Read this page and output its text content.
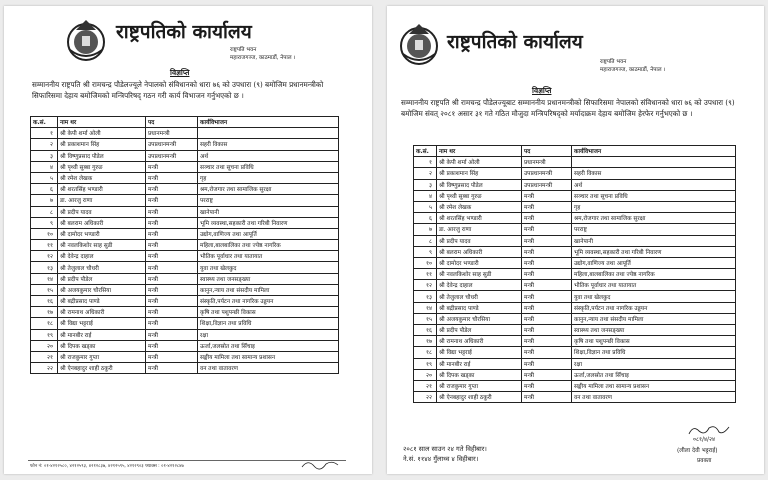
राष्ट्रपतिको कार्यालय
राष्ट्रपति भवन
महाराजगञ्ज, काठमाडौं, नेपाल ।
विज्ञप्ति
सम्माननीय राष्ट्रपति श्री रामचन्द्र पौडेलज्यूले नेपालको संविधानको धारा ७६ को उपधारा (९) बमोजिम प्रधानमन्त्रीको सिफारिसमा देहाय बमोजिमको मन्त्रिपरिषद् गठन गरी कार्य विभाजन गर्नुभएको छ ।
क.सं.	नाम थर	पद	कार्यविभाजन
१	श्री केपी शर्मा ओली	प्रधानमन्त्री	
२	श्री प्रकाशमान सिंह	उपप्रधानमन्त्री	सहरी विकास
३	श्री विष्णुप्रसाद पौडेल	उपप्रधानमन्त्री	अर्थ
४	श्री पृथ्वी सुब्बा गुरुङ	मन्त्री	सञ्चार तथा सूचना प्रविधि
५	श्री रमेश लेखक	मन्त्री	गृह
६	श्री शरतसिंह भण्डारी	मन्त्री	श्रम,रोजगार तथा सामाजिक सुरक्षा
७	डा. आरजु राणा	मन्त्री	परराष्ट्र
८	श्री प्रदीप यादव	मन्त्री	खानेपानी
९	श्री बलराम अधिकारी	मन्त्री	भूमि व्यवस्था,सहकारी तथा गरिबी निवारण
१०	श्री दामोदर भण्डारी	मन्त्री	उद्योग,वाणिज्य तथा आपूर्ति
११	श्री नवलकिशोर साह सुडी	मन्त्री	महिला,बालबालिका तथा ज्येष्ठ नागरिक
१२	श्री देवेन्द्र दाहाल	मन्त्री	भौतिक पूर्वाधार तथा यातायात
१३	श्री तेजुलाल चौधरी	मन्त्री	युवा तथा खेलकुद
१४	श्री प्रदीप पौडेल	मन्त्री	स्वास्थ्य तथा जनसङ्ख्या
१५	श्री अजयकुमार चौरसिया	मन्त्री	कानुन,न्याय तथा संसदीय मामिला
१६	श्री बद्रीप्रसाद पाण्डे	मन्त्री	संस्कृति,पर्यटन तथा नागरिक उड्डयन
१७	श्री रामनाथ अधिकारी	मन्त्री	कृषि तथा पशुपन्छी विकास
१८	श्री विद्या भट्टराई	मन्त्री	शिक्षा,विज्ञान तथा प्रविधि
१९	श्री मानबीर राई	मन्त्री	रक्षा
२०	श्री दिपक खड्का	मन्त्री	ऊर्जा,जलस्रोत तथा सिँचाइ
२१	श्री राजकुमार गुप्ता	मन्त्री	सङ्घीय मामिला तथा सामान्य प्रशासन
२२	श्री ऐनबहादुर शाही ठकुरी	मन्त्री	वन तथा वातावरण
फोन नं: ०१-४२१२५८०, ४२१२५९३, ४२१२८३७, ४२१२५९५, ४२१२९०३ फ्याक्स : ०१-४२१२८४७
राष्ट्रपतिको कार्यालय
राष्ट्रपति भवन
महाराजगञ्ज, काठमाडौं, नेपाल ।
विज्ञप्ति
सम्माननीय राष्ट्रपति श्री रामचन्द्र पौडेलज्यूबाट सम्माननीय प्रधानमन्त्रीको सिफारिसमा नेपालको संविधानको धारा ७६ को उपधारा (९) बमोजिम संवत् २०८१ असार ३१ गते गठित मौजुदा मन्त्रिपरिषद्को मर्यादाक्रम देहाय बमोजिम हेरफेर गर्नुभएको छ ।
क.सं.	नाम थर	पद	कार्यविभाजन
१	श्री केपी शर्मा ओली	प्रधानमन्त्री	
२	श्री प्रकाशमान सिंह	उपप्रधानमन्त्री	सहरी विकास
३	श्री विष्णुप्रसाद पौडेल	उपप्रधानमन्त्री	अर्थ
४	श्री पृथ्वी सुब्बा गुरुङ	मन्त्री	सञ्चार तथा सूचना प्रविधि
५	श्री रमेश लेखक	मन्त्री	गृह
६	श्री शरतसिंह भण्डारी	मन्त्री	श्रम,रोजगार तथा सामाजिक सुरक्षा
७	डा. आरजु राणा	मन्त्री	परराष्ट्र
८	श्री प्रदीप यादव	मन्त्री	खानेपानी
९	श्री बलराम अधिकारी	मन्त्री	भूमि व्यवस्था,सहकारी तथा गरिबी निवारण
१०	श्री दामोदर भण्डारी	मन्त्री	उद्योग,वाणिज्य तथा आपूर्ति
११	श्री नवलकिशोर साह सुडी	मन्त्री	महिला,बालबालिका तथा ज्येष्ठ नागरिक
१२	श्री देवेन्द्र दाहाल	मन्त्री	भौतिक पूर्वाधार तथा यातायात
१३	श्री तेजुलाल चौधरी	मन्त्री	युवा तथा खेलकुद
१४	श्री बद्रीप्रसाद पाण्डे	मन्त्री	संस्कृति,पर्यटन तथा नागरिक उड्डयन
१५	श्री अजयकुमार चौरसिया	मन्त्री	कानुन,न्याय तथा संसदीय मामिला
१६	श्री प्रदीप पौडेल	मन्त्री	स्वास्थ्य तथा जनसङ्ख्या
१७	श्री रामनाथ अधिकारी	मन्त्री	कृषि तथा पशुपन्छी विकास
१८	श्री विद्या भट्टराई	मन्त्री	शिक्षा,विज्ञान तथा प्रविधि
१९	श्री मानबीर राई	मन्त्री	रक्षा
२०	श्री दिपक खड्का	मन्त्री	ऊर्जा,जलस्रोत तथा सिँचाइ
२१	श्री राजकुमार गुप्ता	मन्त्री	सङ्घीय मामिला तथा सामान्य प्रशासन
२२	श्री ऐनबहादुर शाही ठकुरी	मन्त्री	वन तथा वातावरण
२०८१ साल साउन २४ गते विहीबार।
ने.सं. ११४४ गुँलाथ्व ४ विहीबार।
०८१/४/२४
(लीला देवी भट्टराई)
प्रवक्ता
